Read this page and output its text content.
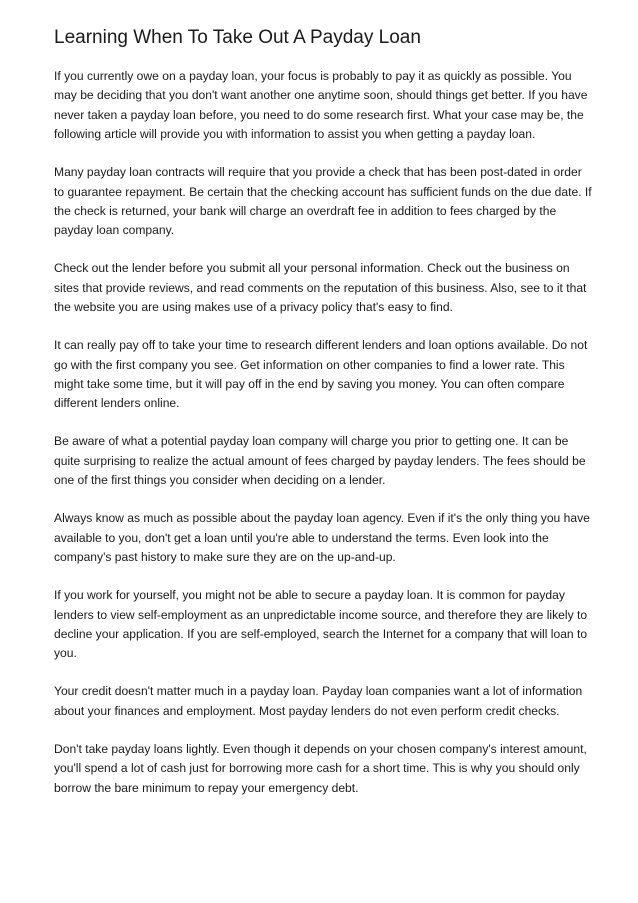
Learning When To Take Out A Payday Loan

If you currently owe on a payday loan, your focus is probably to pay it as quickly as possible. You may be deciding that you don't want another one anytime soon, should things get better. If you have never taken a payday loan before, you need to do some research first. What your case may be, the following article will provide you with information to assist you when getting a payday loan.

Many payday loan contracts will require that you provide a check that has been post-dated in order to guarantee repayment. Be certain that the checking account has sufficient funds on the due date. If the check is returned, your bank will charge an overdraft fee in addition to fees charged by the payday loan company.

Check out the lender before you submit all your personal information. Check out the business on sites that provide reviews, and read comments on the reputation of this business. Also, see to it that the website you are using makes use of a privacy policy that's easy to find.

It can really pay off to take your time to research different lenders and loan options available. Do not go with the first company you see. Get information on other companies to find a lower rate. This might take some time, but it will pay off in the end by saving you money. You can often compare different lenders online.

Be aware of what a potential payday loan company will charge you prior to getting one. It can be quite surprising to realize the actual amount of fees charged by payday lenders. The fees should be one of the first things you consider when deciding on a lender.

Always know as much as possible about the payday loan agency. Even if it's the only thing you have available to you, don't get a loan until you're able to understand the terms. Even look into the company's past history to make sure they are on the up-and-up.

If you work for yourself, you might not be able to secure a payday loan. It is common for payday lenders to view self-employment as an unpredictable income source, and therefore they are likely to decline your application. If you are self-employed, search the Internet for a company that will loan to you.

Your credit doesn't matter much in a payday loan. Payday loan companies want a lot of information about your finances and employment. Most payday lenders do not even perform credit checks.

Don't take payday loans lightly. Even though it depends on your chosen company's interest amount, you'll spend a lot of cash just for borrowing more cash for a short time. This is why you should only borrow the bare minimum to repay your emergency debt.
